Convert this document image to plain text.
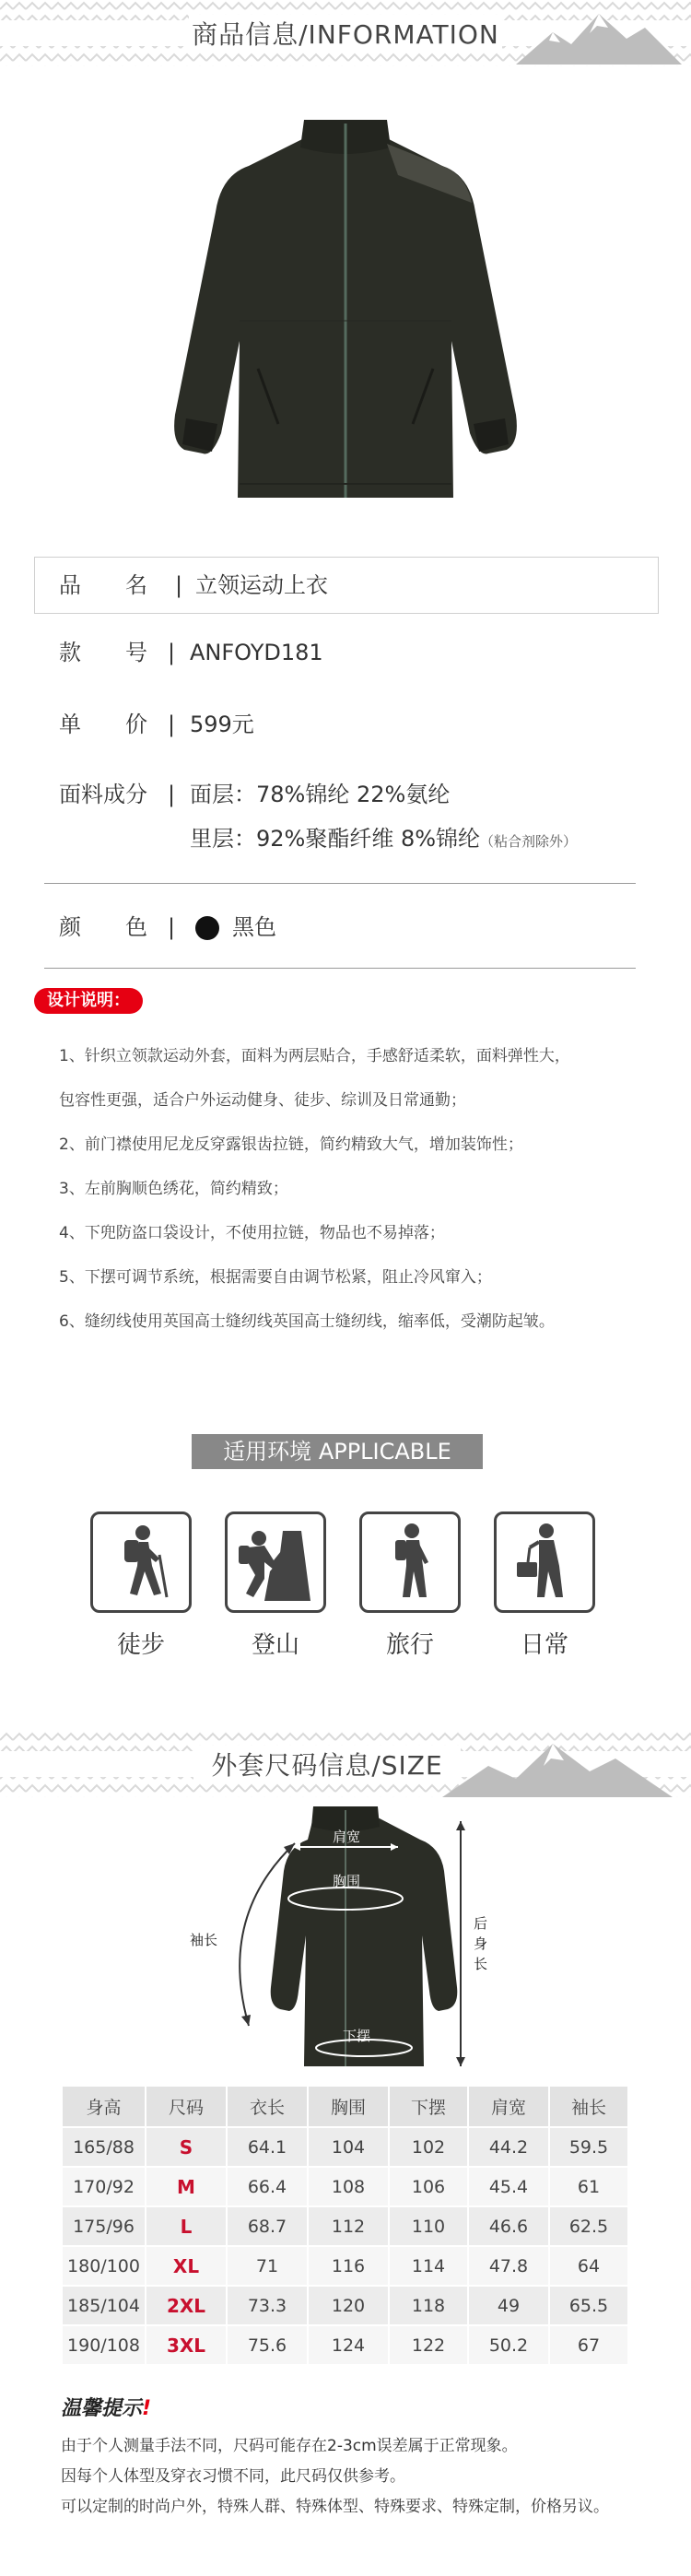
商品信息/INFORMATION
品　　名 | 立领运动上衣
款　　号 | ANFOYD181
单　　价 | 599元
面料成分 | 面层：78%锦纶 22%氨纶
里层：92%聚酯纤维 8%锦纶（粘合剂除外）
颜　　色 |	黑色
设计说明：
1、针织立领款运动外套，面料为两层贴合，手感舒适柔软，面料弹性大，
包容性更强，适合户外运动健身、徒步、综训及日常通勤；
2、前门襟使用尼龙反穿露银齿拉链，简约精致大气，增加装饰性；
3、左前胸顺色绣花，简约精致；
4、下兜防盗口袋设计，不使用拉链，物品也不易掉落；
5、下摆可调节系统，根据需要自由调节松紧，阻止冷风窜入；
6、缝纫线使用英国高士缝纫线英国高士缝纫线，缩率低，受潮防起皱。
适用环境 APPLICABLE
徒步	登山	旅行	日常
外套尺码信息/SIZE
肩宽
胸围
袖长
后
身
长
下摆
身高	尺码	衣长	胸围	下摆	肩宽	袖长
165/88	S	64.1	104	102	44.2	59.5
170/92	M	66.4	108	106	45.4	61
175/96	L	68.7	112	110	46.6	62.5
180/100	XL	71	116	114	47.8	64
185/104	2XL	73.3	120	118	49	65.5
190/108	3XL	75.6	124	122	50.2	67
温馨提示!
由于个人测量手法不同，尺码可能存在2-3cm误差属于正常现象。
因每个人体型及穿衣习惯不同，此尺码仅供参考。
可以定制的时尚户外，特殊人群、特殊体型、特殊要求、特殊定制，价格另议。
